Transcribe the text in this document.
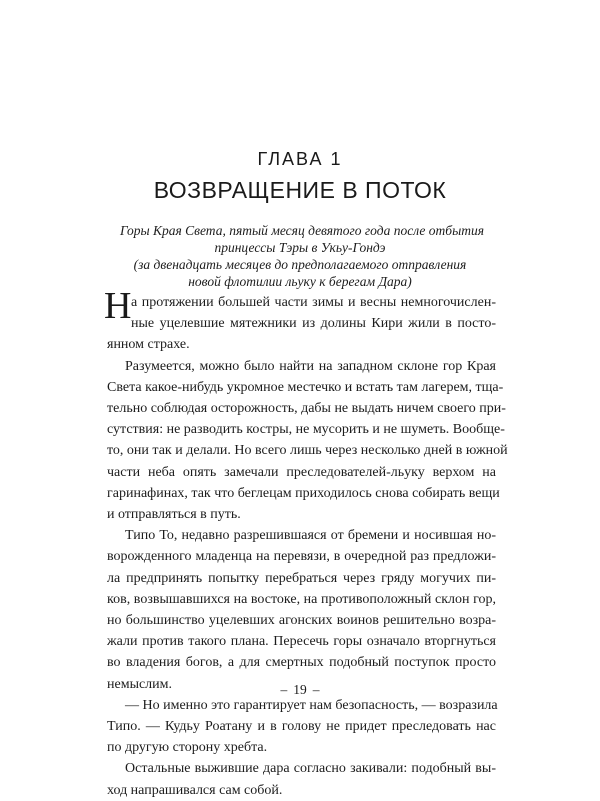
ГЛАВА 1
ВОЗВРАЩЕНИЕ В ПОТОК
Горы Края Света, пятый месяц девятого года после отбытия
принцессы Тэры в Укьу-Гондэ
(за двенадцать месяцев до предполагаемого отправления
новой флотилии льуку к берегам Дара)
Н а протяжении большей части зимы и весны немногочислен-
ные уцелевшие мятежники из долины Кири жили в посто-
янном страхе.
Разумеется, можно было найти на западном склоне гор Края
Света какое-нибудь укромное местечко и встать там лагерем, тща-
тельно соблюдая осторожность, дабы не выдать ничем своего при-
сутствия: не разводить костры, не мусорить и не шуметь. Вообще-
то, они так и делали. Но всего лишь через несколько дней в южной
части неба опять замечали преследователей-льуку верхом на
гаринафинах, так что беглецам приходилось снова собирать вещи
и отправляться в путь.
Типо То, недавно разрешившаяся от бремени и носившая но-
ворожденного младенца на перевязи, в очередной раз предложи-
ла предпринять попытку перебраться через гряду могучих пи-
ков, возвышавшихся на востоке, на противоположный склон гор,
но большинство уцелевших агонских воинов решительно возра-
жали против такого плана. Пересечь горы означало вторгнуться
во владения богов, а для смертных подобный поступок просто
немыслим.
— Но именно это гарантирует нам безопасность, — возразила
Типо. — Кудьу Роатану и в голову не придет преследовать нас
по другую сторону хребта.
Остальные выжившие дара согласно закивали: подобный вы-
ход напрашивался сам собой.
– 19 –
